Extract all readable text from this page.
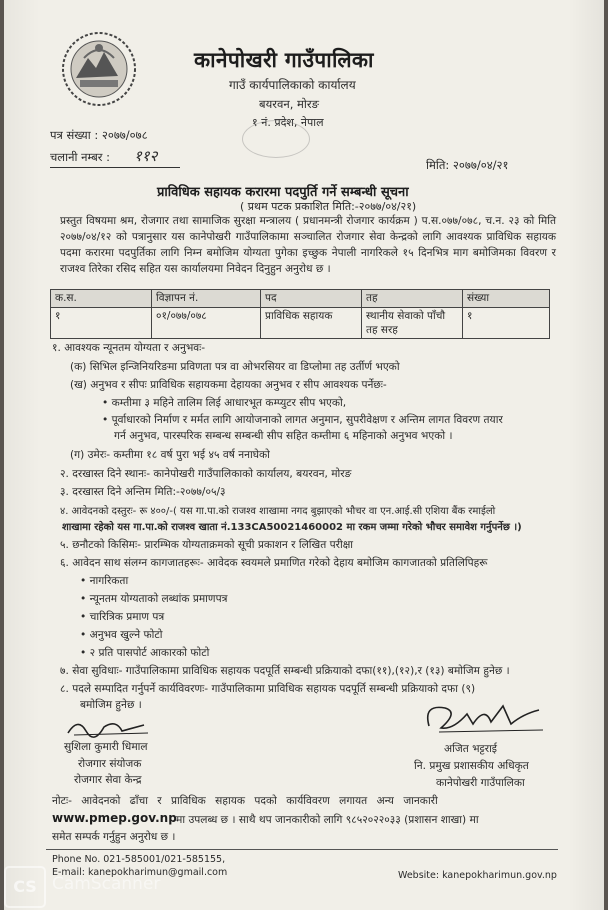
कानेपोखरी गाउँपालिका
गाउँ कार्यपालिकाको कार्यालय
बयरवन, मोरङ
१ नं. प्रदेश, नेपाल
पत्र संख्या : २०७७/०७८
चलानी नम्बर : ११२	मिति: २०७७/०४/२१
प्राविधिक सहायक करारमा पदपुर्ति गर्ने सम्बन्धी सूचना
( प्रथम पटक प्रकाशित मिति:-२०७७/०४/२१)
प्रस्तुत विषयमा श्रम, रोजगार तथा सामाजिक सुरक्षा मन्त्रालय ( प्रधानमन्त्री रोजगार कार्यक्रम ) प.स.०७७/०७८, च.न. २३ को मिति २०७७/०४/१२ को पत्रानुसार यस कानेपोखरी गाउँपालिकामा सञ्चालित रोजगार सेवा केन्द्रको लागि आवश्यक प्राविधिक सहायक पदमा करारमा पदपुर्तिका लागि निम्न बमोजिम योग्यता पुगेका इच्छुक नेपाली नागरिकले १५ दिनभित्र माग बमोजिमका विवरण र राजश्व तिरेका रसिद सहित यस कार्यालयमा निवेदन दिनुहुन अनुरोध छ ।
क.स.	विज्ञापन नं.	पद	तह	संख्या
१	०१/०७७/०७८	प्राविधिक सहायक	स्थानीय सेवाको पाँचौ तह सरह	१
१. आवश्यक न्यूनतम योग्यता र अनुभवः-
(क) सिभिल इन्जिनियरिङमा प्रविणता पत्र वा ओभरसियर वा डिप्लोमा तह उर्तीर्ण भएको
(ख) अनुभव र सीपः प्राविधिक सहायकमा देहायका अनुभव र सीप आवश्यक पर्नेछः-
• कम्तीमा ३ महिने तालिम लिई आधारभूत कम्प्युटर सीप भएको,
• पूर्वाधारको निर्माण र मर्मत लागि आयोजनाको लागत अनुमान, सुपरीवेक्षण र अन्तिम लागत विवरण तयार
गर्न अनुभव, पारस्परिक सम्बन्ध सम्बन्धी सीप सहित कम्तीमा ६ महिनाको अनुभव भएको ।
(ग) उमेरः- कम्तीमा १८ वर्ष पुरा भई ४५ वर्ष ननाघेको
२. दरखास्त दिने स्थानः- कानेपोखरी गाउँपालिकाको कार्यालय, बयरवन, मोरङ
३. दरखास्त दिने अन्तिम मिति:-२०७७/०५/३
४. आवेदनको दस्तुरः- रू ४००/-( यस गा.पा.को राजश्व शाखामा नगद बुझाएको भौचर वा एन.आई.सी एशिया बैंक रमाईलो
शाखामा रहेको यस गा.पा.को राजश्व खाता नं.133CA50021460002 मा रकम जम्मा गरेको भौचर समावेश गर्नुपर्नेछ ।)
५. छनौटको किसिमः- प्रारम्भिक योग्यताक्रमको सूची प्रकाशन र लिखित परीक्षा
६. आवेदन साथ संलग्न कागजातहरूः- आवेदक स्वयमले प्रमाणित गरेको देहाय बमोजिम कागजातको प्रतिलिपिहरू
• नागरिकता
• न्यूनतम योग्यताको लब्धांक प्रमाणपत्र
• चारित्रिक प्रमाण पत्र
• अनुभव खुल्ने फोटो
• २ प्रति पासपोर्ट आकारको फोटो
७. सेवा सुविधाः- गाउँपालिकामा प्राविधिक सहायक पदपूर्ति सम्बन्धी प्रक्रियाको दफा(११),(१२),र (१३) बमोजिम हुनेछ ।
८. पदले सम्पादित गर्नुपर्ने कार्यविवरणः- गाउँपालिकामा प्राविधिक सहायक पदपूर्ति सम्बन्धी प्रक्रियाको दफा (९)
बमोजिम हुनेछ ।
सुशिला कुमारी धिमाल
रोजगार संयोजक
रोजगार सेवा केन्द्र
अजित भट्टराई
नि. प्रमुख प्रशासकीय अधिकृत
कानेपोखरी गाउँपालिका
नोटः- आवेदनको ढाँचा र प्राविधिक सहायक पदको कार्यविवरण लगायत अन्य जानकारी
www.pmep.gov.np मा उपलब्ध छ । साथै थप जानकारीको लागि ९८५२०२२०३३ (प्रशासन शाखा) मा
समेत सम्पर्क गर्नुहुन अनुरोध छ ।
Phone No. 021-585001/021-585155,
E-mail: kanepokharimun@gmail.com	Website: kanepokharimun.gov.np
CS CamScanner
